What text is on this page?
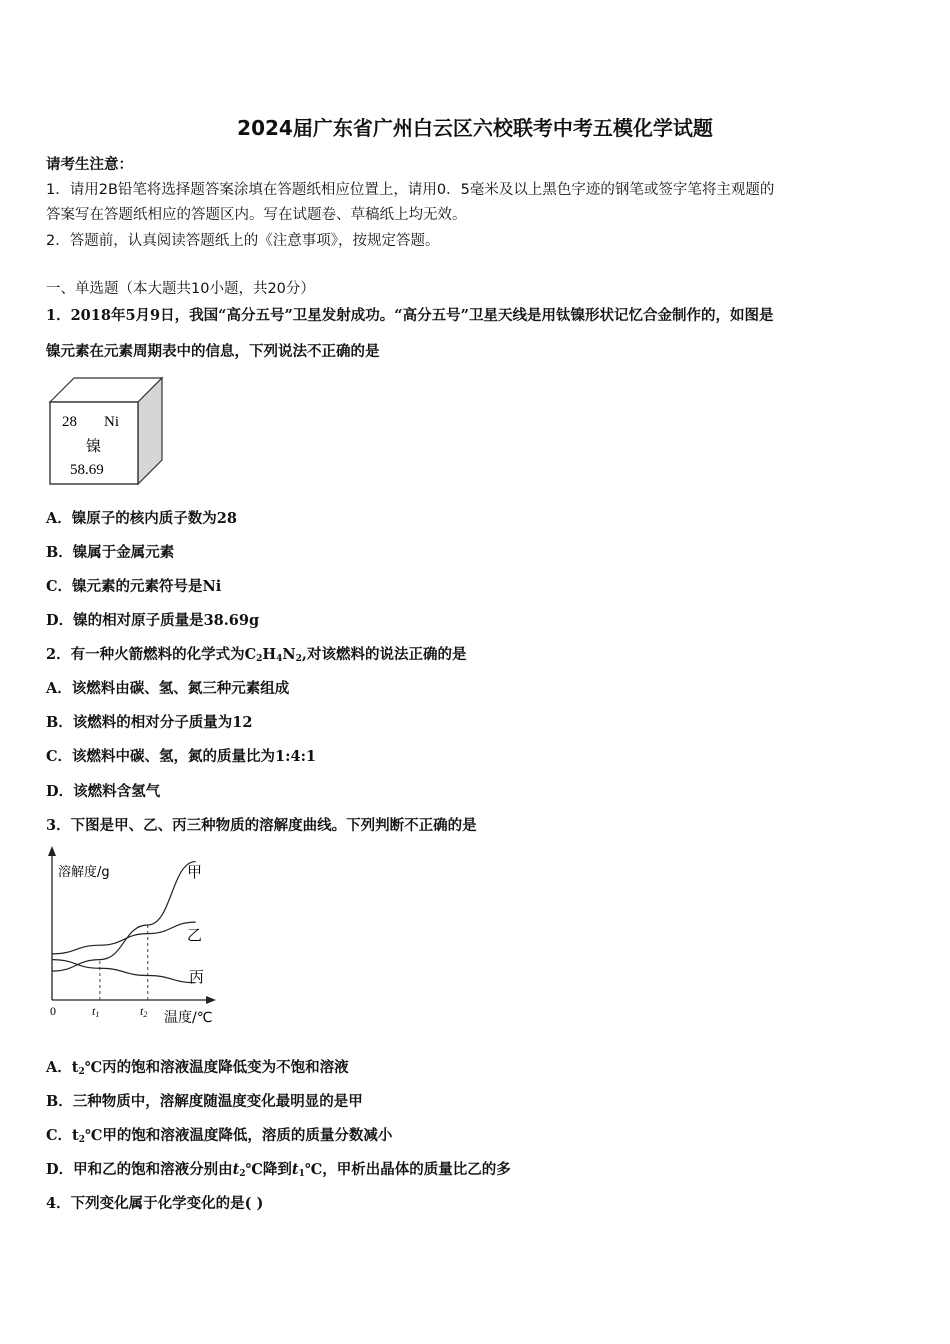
2024届广东省广州白云区六校联考中考五模化学试题
请考生注意：
1．请用2B铅笔将选择题答案涂填在答题纸相应位置上，请用0．5毫米及以上黑色字迹的钢笔或签字笔将主观题的
答案写在答题纸相应的答题区内。写在试题卷、草稿纸上均无效。
2．答题前，认真阅读答题纸上的《注意事项》，按规定答题。
一、单选题（本大题共10小题，共20分）
1．2018年5月9日，我国“高分五号”卫星发射成功。“高分五号”卫星天线是用钛镍形状记忆合金制作的，如图是
镍元素在元素周期表中的信息，下列说法不正确的是
28 Ni
镍
58.69
A．镍原子的核内质子数为28
B．镍属于金属元素
C．镍元素的元素符号是Ni
D．镍的相对原子质量是38.69g
2．有一种火箭燃料的化学式为$C_2H_4N_2$,对该燃料的说法正确的是
A．该燃料由碳、氢、氮三种元素组成
B．该燃料的相对分子质量为12
C．该燃料中碳、氢，氮的质量比为1:4:1
D．该燃料含氢气
3．下图是甲、乙、丙三种物质的溶解度曲线。下列判断不正确的是
溶解度/g
温度/℃
0	t1	t2
甲
乙
丙
A．$t_2℃$丙的饱和溶液温度降低变为不饱和溶液
B．三种物质中，溶解度随温度变化最明显的是甲
C．$t_2℃$甲的饱和溶液温度降低，溶质的质量分数减小
D．甲和乙的饱和溶液分别由$t_2℃$降到$t_1℃$，甲析出晶体的质量比乙的多
4．下列变化属于化学变化的是( )
